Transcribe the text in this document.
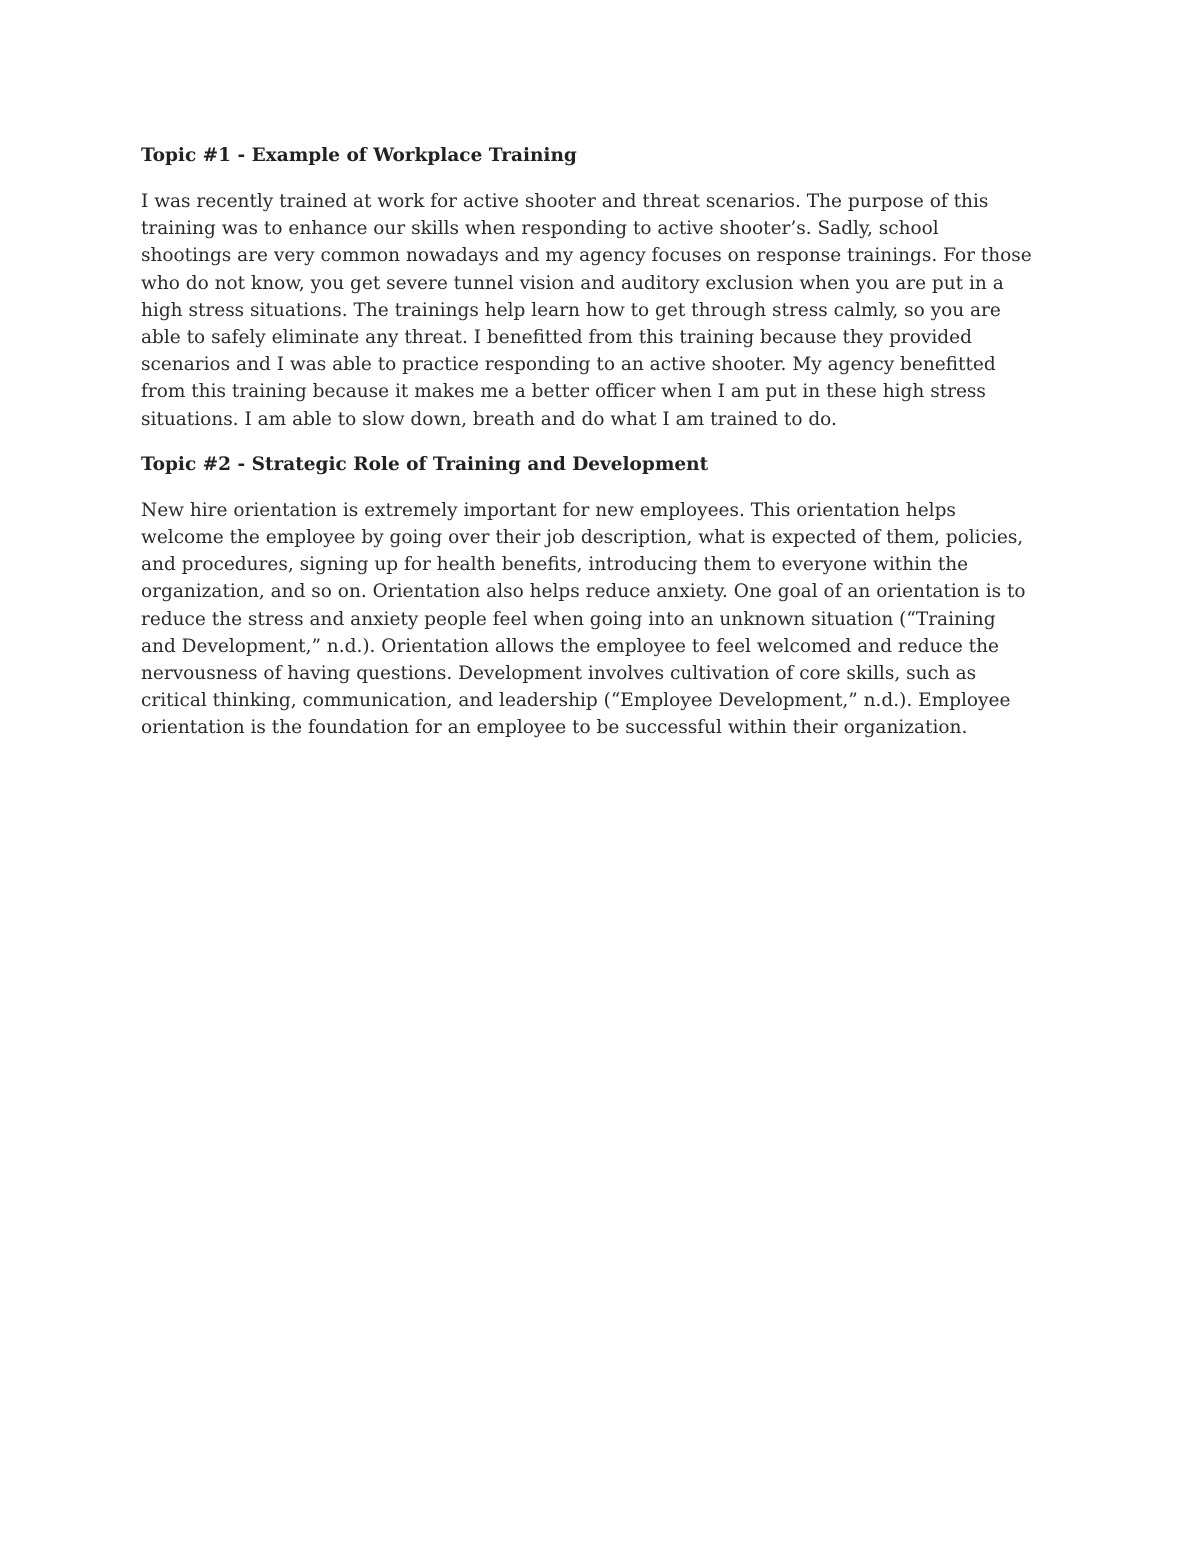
Topic #1 - Example of Workplace Training

I was recently trained at work for active shooter and threat scenarios. The purpose of this
training was to enhance our skills when responding to active shooter’s. Sadly, school
shootings are very common nowadays and my agency focuses on response trainings. For those
who do not know, you get severe tunnel vision and auditory exclusion when you are put in a
high stress situations. The trainings help learn how to get through stress calmly, so you are
able to safely eliminate any threat. I benefitted from this training because they provided
scenarios and I was able to practice responding to an active shooter. My agency benefitted
from this training because it makes me a better officer when I am put in these high stress
situations. I am able to slow down, breath and do what I am trained to do.

Topic #2 - Strategic Role of Training and Development

New hire orientation is extremely important for new employees. This orientation helps
welcome the employee by going over their job description, what is expected of them, policies,
and procedures, signing up for health benefits, introducing them to everyone within the
organization, and so on. Orientation also helps reduce anxiety. One goal of an orientation is to
reduce the stress and anxiety people feel when going into an unknown situation (“Training
and Development,” n.d.). Orientation allows the employee to feel welcomed and reduce the
nervousness of having questions. Development involves cultivation of core skills, such as
critical thinking, communication, and leadership (“Employee Development,” n.d.). Employee
orientation is the foundation for an employee to be successful within their organization.
